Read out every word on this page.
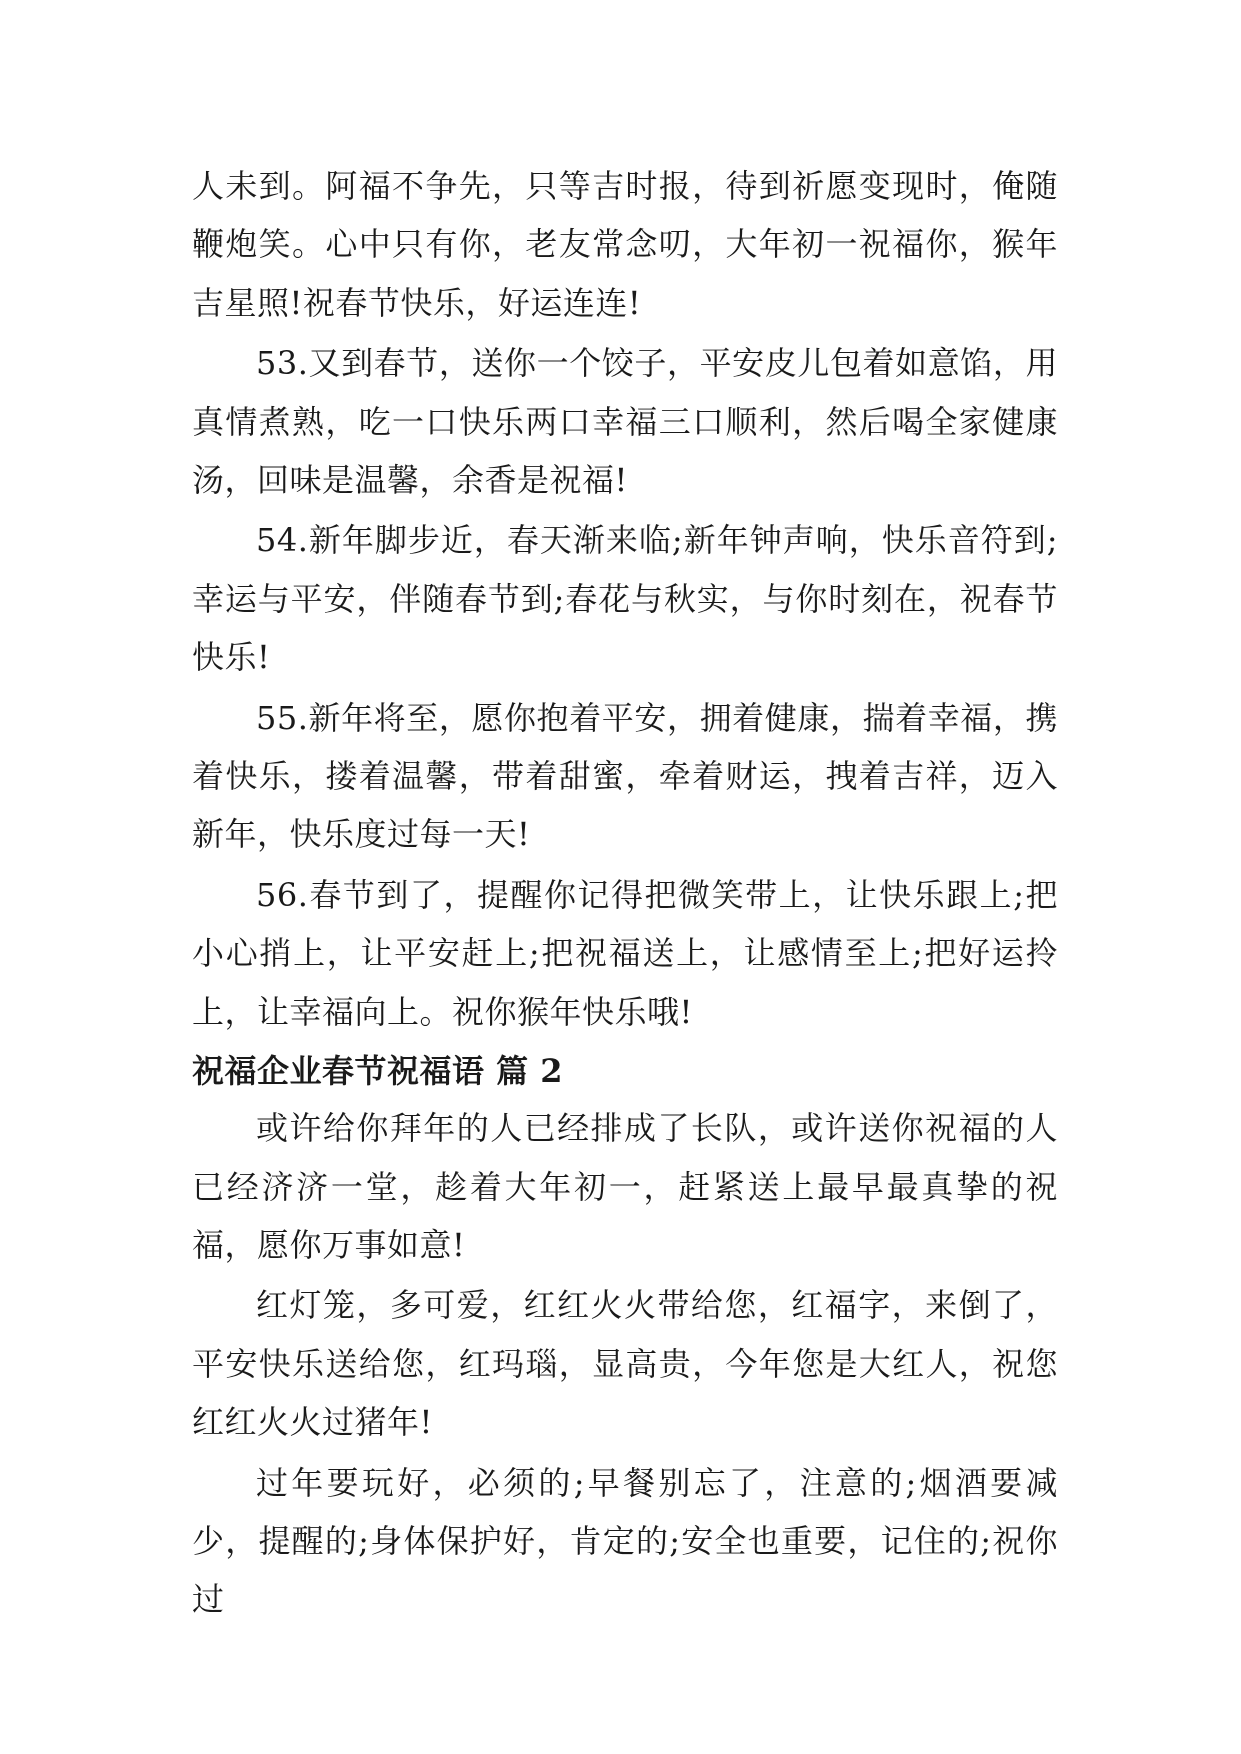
人未到。阿福不争先，只等吉时报，待到祈愿变现时，俺随鞭炮笑。心中只有你，老友常念叨，大年初一祝福你，猴年吉星照!祝春节快乐，好运连连!

53.又到春节，送你一个饺子，平安皮儿包着如意馅，用真情煮熟，吃一口快乐两口幸福三口顺利，然后喝全家健康汤，回味是温馨，余香是祝福!

54.新年脚步近，春天渐来临;新年钟声响，快乐音符到;幸运与平安，伴随春节到;春花与秋实，与你时刻在，祝春节快乐!

55.新年将至，愿你抱着平安，拥着健康，揣着幸福，携着快乐，搂着温馨，带着甜蜜，牵着财运，拽着吉祥，迈入新年，快乐度过每一天!

56.春节到了，提醒你记得把微笑带上，让快乐跟上;把小心捎上，让平安赶上;把祝福送上，让感情至上;把好运拎上，让幸福向上。祝你猴年快乐哦!

祝福企业春节祝福语 篇 2

或许给你拜年的人已经排成了长队，或许送你祝福的人已经济济一堂，趁着大年初一，赶紧送上最早最真挚的祝福，愿你万事如意!

红灯笼，多可爱，红红火火带给您，红福字，来倒了，平安快乐送给您，红玛瑙，显高贵，今年您是大红人，祝您红红火火过猪年!

过年要玩好，必须的;早餐别忘了，注意的;烟酒要减少，提醒的;身体保护好，肯定的;安全也重要，记住的;祝你过
